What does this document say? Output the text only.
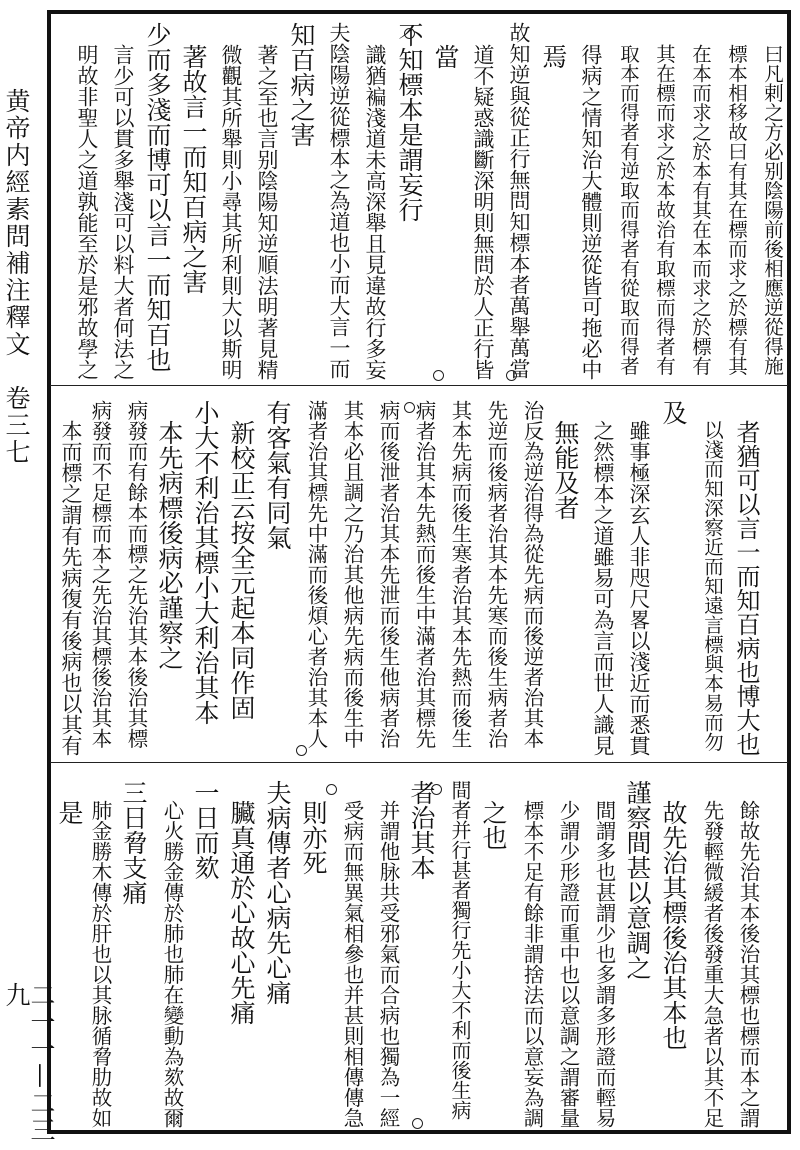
黄帝内經素問補注釋文　卷三七
二一一—二三九
曰凡剌之方必别陰陽前後相應逆從得施
標本相移故曰有其在標而求之於標有其
在本而求之於本有其在本而求之於標有
其在標而求之於本故治有取標而得者有
取本而得者有逆取而得者有從取而得者
得病之情知治大體則逆從皆可拖必中
焉
故知逆與從正行無問知標本者萬舉萬當
道不疑惑識斷深明則無問於人正行皆
當
不知標本是謂妄行
識猶褊淺道未高深舉且見違故行多妄
夫陰陽逆從標本之為道也小而大言一而
知百病之害
著之至也言别陰陽知逆順法明著見精
微觀其所舉則小尋其所利則大以斯明
著故言一而知百病之害
少而多淺而博可以言一而知百也
言少可以貫多舉淺可以料大者何法之
明故非聖人之道孰能至於是邪故學之
者猶可以言一而知百病也博大也
以淺而知深察近而知遠言標與本易而勿
及
雖事極深玄人非咫尺畧以淺近而悉貫
之然標本之道雖易可為言而世人識見
無能及者
治反為逆治得為從先病而後逆者治其本
先逆而後病者治其本先寒而後生病者治
其本先病而後生寒者治其本先熱而後生
病者治其本先熱而後生中滿者治其標先
病而後泄者治其本先泄而後生他病者治
其本必且調之乃治其他病先病而後生中
滿者治其標先中滿而後煩心者治其本人
有客氣有同氣
新校正云按全元起本同作固
小大不利治其標小大利治其本
本先病標後病必謹察之
病發而有餘本而標之先治其本後治其標
病發而不足標而本之先治其標後治其本
本而標之謂有先病復有後病也以其有
餘故先治其本後治其標也標而本之謂
先發輕微緩者後發重大急者以其不足
故先治其標後治其本也
謹察間甚以意調之
間謂多也甚謂少也多謂多形證而輕易
少謂少形證而重中也以意調之謂審量
標本不足有餘非謂捨法而以意妄為調
之也
間者并行甚者獨行先小大不利而後生病
者治其本
并謂他脉共受邪氣而合病也獨為一經
受病而無異氣相參也并甚則相傳傳急
則亦死
夫病傳者心病先心痛
臟真通於心故心先痛
一日而欬
心火勝金傳於肺也肺在變動為欬故爾
三日脅支痛
肺金勝木傳於肝也以其脉循脅肋故如
是
